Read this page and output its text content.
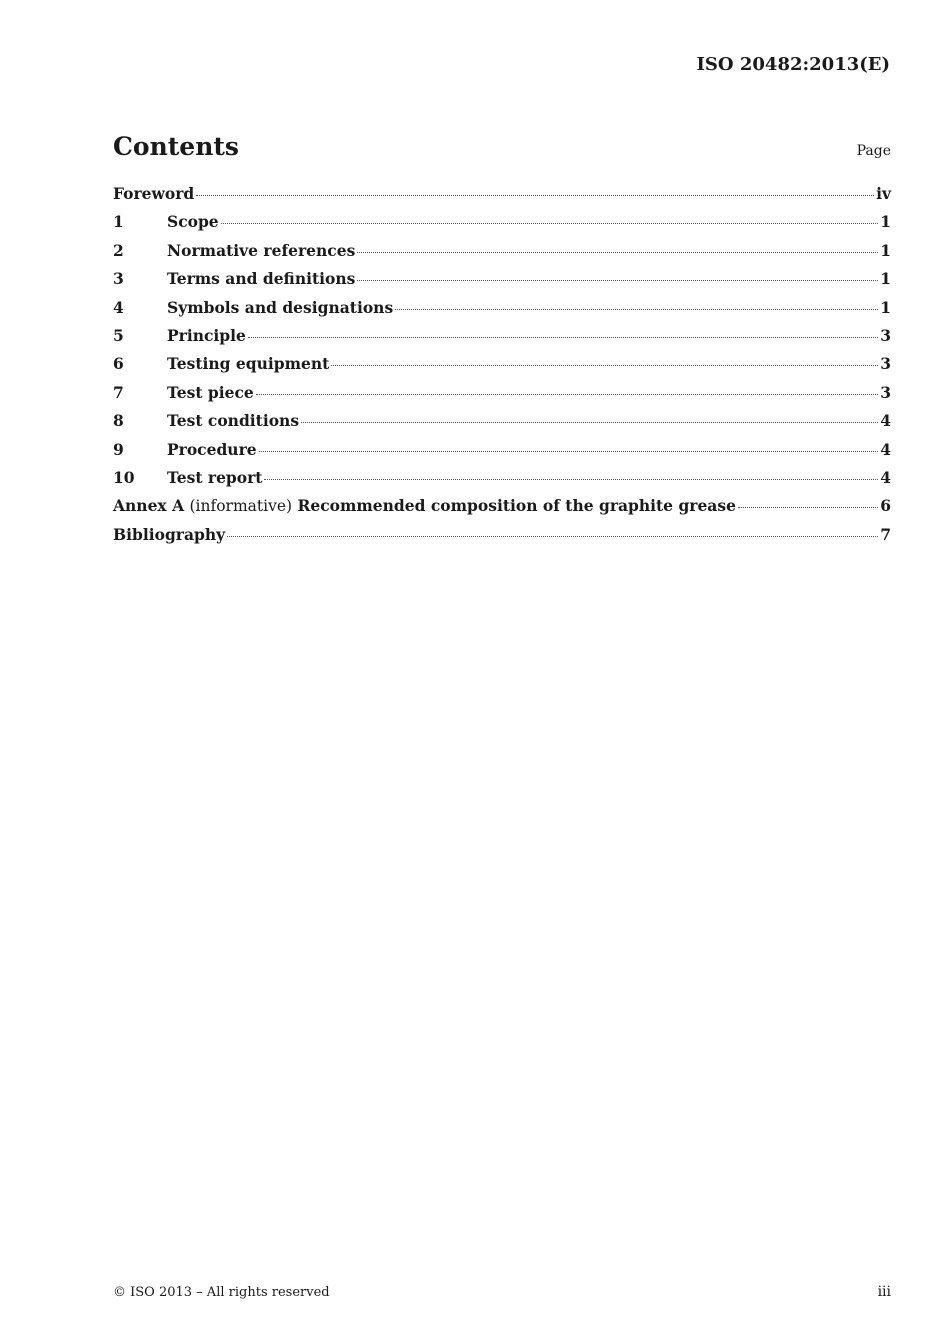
ISO 20482:2013(E)
Contents	Page
Foreword	iv
1	Scope	1
2	Normative references	1
3	Terms and definitions	1
4	Symbols and designations	1
5	Principle	3
6	Testing equipment	3
7	Test piece	3
8	Test conditions	4
9	Procedure	4
10	Test report	4
Annex A (informative) Recommended composition of the graphite grease	6
Bibliography	7
© ISO 2013 – All rights reserved	iii
